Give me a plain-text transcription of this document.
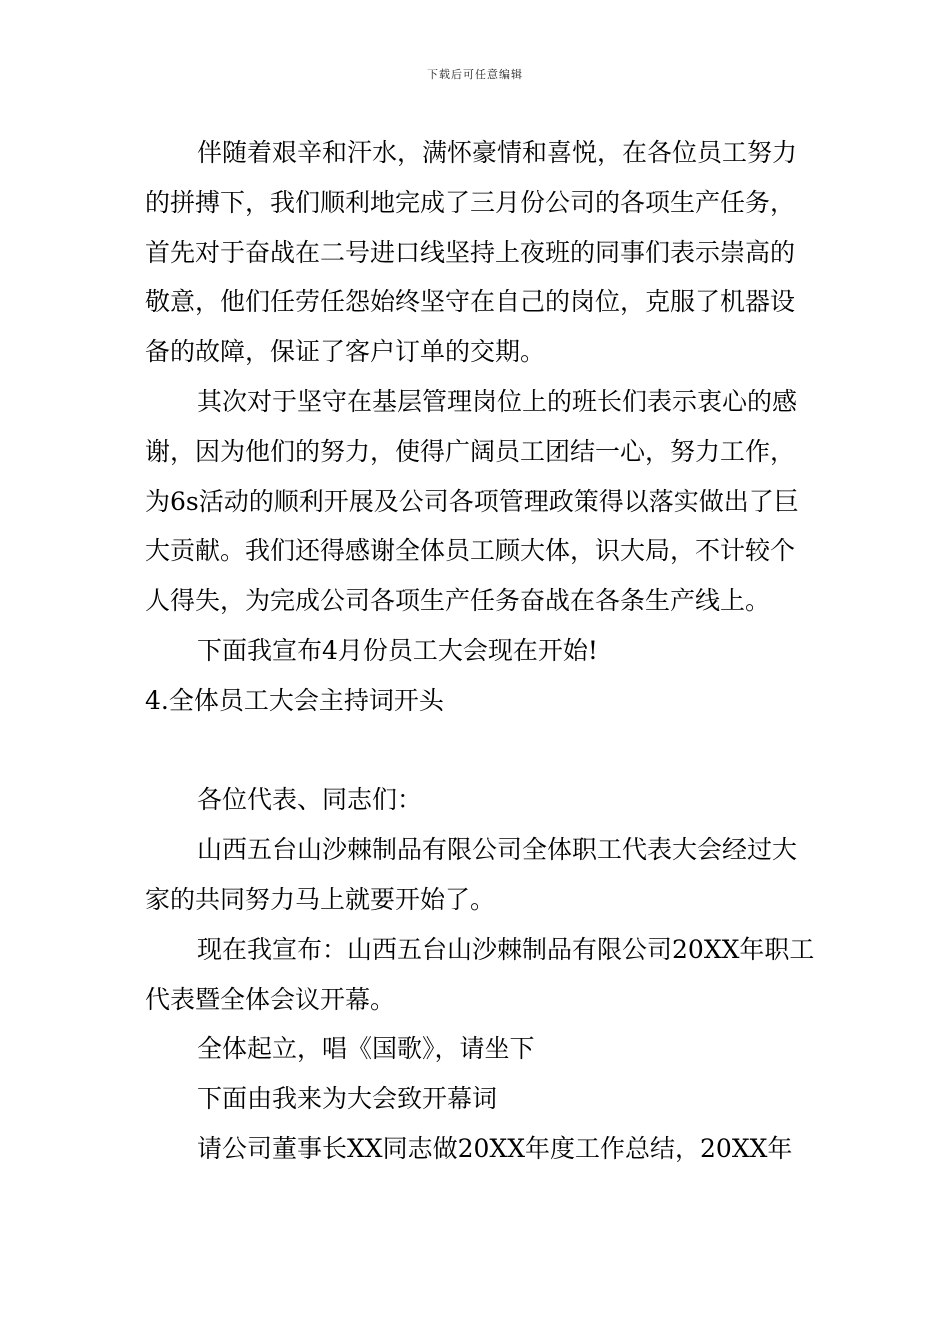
下载后可任意编辑

伴随着艰辛和汗水，满怀豪情和喜悦，在各位员工努力的拼搏下，我们顺利地完成了三月份公司的各项生产任务，首先对于奋战在二号进口线坚持上夜班的同事们表示崇高的敬意，他们任劳任怨始终坚守在自己的岗位，克服了机器设备的故障，保证了客户订单的交期。

其次对于坚守在基层管理岗位上的班长们表示衷心的感谢，因为他们的努力，使得广阔员工团结一心，努力工作，为6s活动的顺利开展及公司各项管理政策得以落实做出了巨大贡献。我们还得感谢全体员工顾大体，识大局，不计较个人得失，为完成公司各项生产任务奋战在各条生产线上。

下面我宣布4月份员工大会现在开始!

4.全体员工大会主持词开头

各位代表、同志们：

山西五台山沙棘制品有限公司全体职工代表大会经过大家的共同努力马上就要开始了。

现在我宣布：山西五台山沙棘制品有限公司20XX年职工代表暨全体会议开幕。

全体起立，唱《国歌》，请坐下

下面由我来为大会致开幕词

请公司董事长XX同志做20XX年度工作总结，20XX年
